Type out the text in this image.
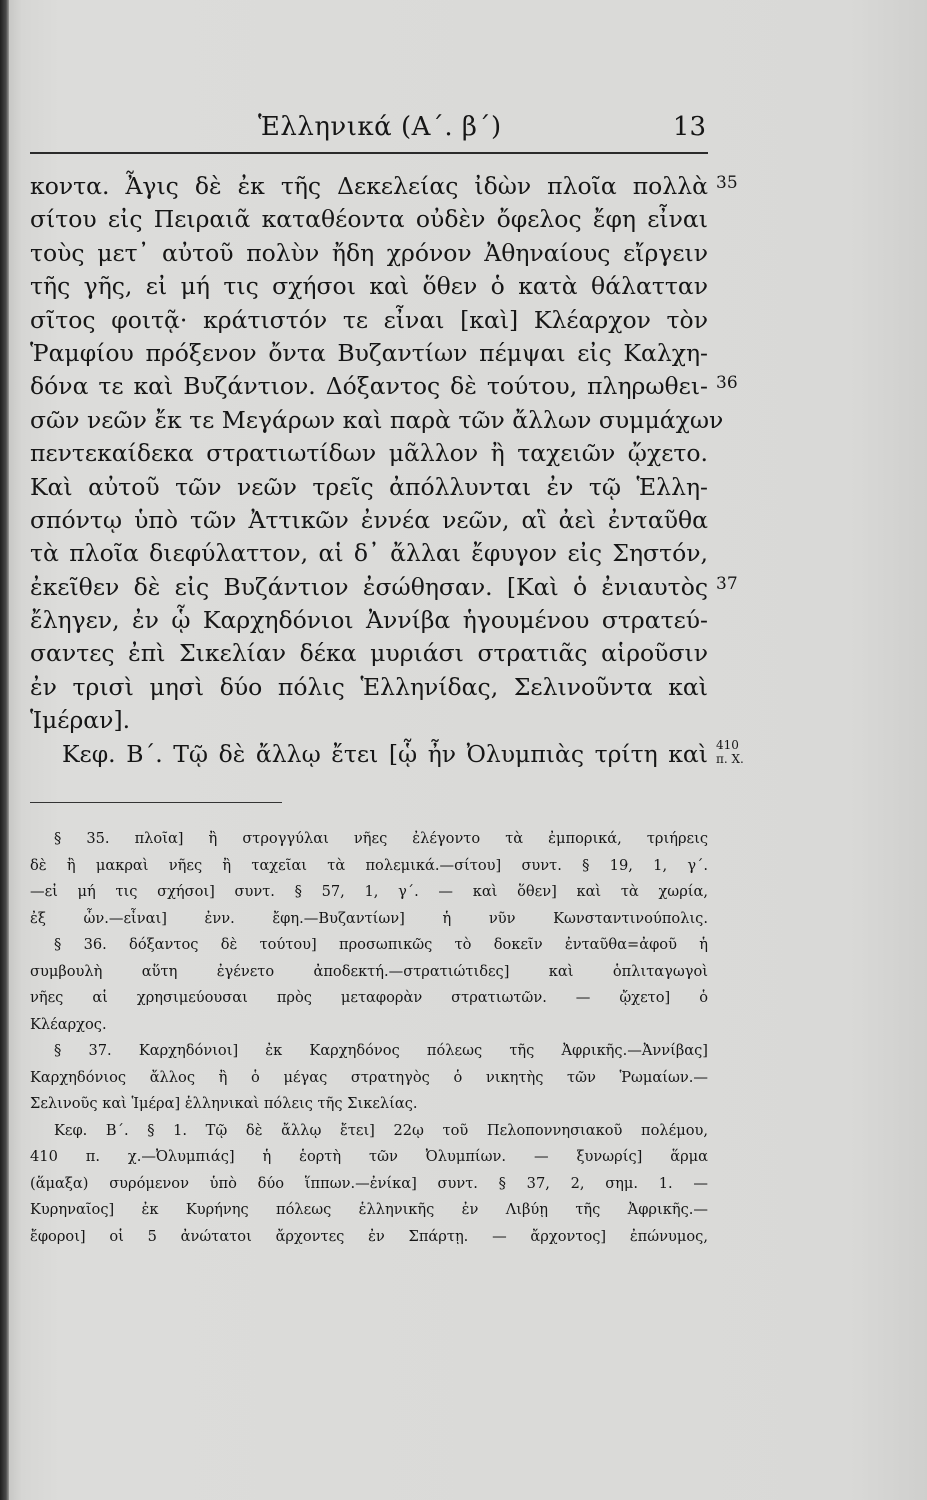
Ἑλληνικά (Α΄. β΄)	13
κοντα. Ἆγις δὲ ἐκ τῆς Δεκελείας ἰδὼν πλοῖα πολλὰ 35
σίτου εἰς Πειραιᾶ καταθέοντα οὐδὲν ὄφελος ἔφη εἶναι
τοὺς μετ᾽ αὐτοῦ πολὺν ἤδη χρόνον Ἀθηναίους εἴργειν
τῆς γῆς, εἰ μή τις σχήσοι καὶ ὅθεν ὁ κατὰ θάλατταν
σῖτος φοιτᾷ· κράτιστόν τε εἶναι [καὶ] Κλέαρχον τὸν
Ῥαμφίου πρόξενον ὄντα Βυζαντίων πέμψαι εἰς Καλχη-
δόνα τε καὶ Βυζάντιον. Δόξαντος δὲ τούτου, πληρωθει- 36
σῶν νεῶν ἔκ τε Μεγάρων καὶ παρὰ τῶν ἄλλων συμμάχων
πεντεκαίδεκα στρατιωτίδων μᾶλλον ἢ ταχειῶν ᾤχετο.
Καὶ αὐτοῦ τῶν νεῶν τρεῖς ἀπόλλυνται ἐν τῷ Ἑλλη-
σπόντῳ ὑπὸ τῶν Ἀττικῶν ἐννέα νεῶν, αἳ ἀεὶ ἐνταῦθα
τὰ πλοῖα διεφύλαττον, αἱ δ᾽ ἄλλαι ἔφυγον εἰς Σηστόν,
ἐκεῖθεν δὲ εἰς Βυζάντιον ἐσώθησαν. [Καὶ ὁ ἐνιαυτὸς 37
ἔληγεν, ἐν ᾧ Καρχηδόνιοι Ἀννίβα ἡγουμένου στρατεύ-
σαντες ἐπὶ Σικελίαν δέκα μυριάσι στρατιᾶς αἱροῦσιν
ἐν τρισὶ μησὶ δύο πόλις Ἑλληνίδας, Σελινοῦντα καὶ
Ἱμέραν].
Κεφ. Β΄. Τῷ δὲ ἄλλῳ ἔτει [ᾧ ἦν Ὀλυμπιὰς τρίτη καὶ 410 π. Χ.
§ 35. πλοῖα] ἢ στρογγύλαι νῆες ἐλέγοντο τὰ ἐμπορικά, τριήρεις
δὲ ἢ μακραὶ νῆες ἢ ταχεῖαι τὰ πολεμικά.—σίτου] συντ. § 19, 1, γ΄.
—εἰ μή τις σχήσοι] συντ. § 57, 1, γ΄. — καὶ ὅθεν] καὶ τὰ χωρία,
ἐξ ὧν.—εἶναι] ἐνν. ἔφη.—Βυζαντίων] ἡ νῦν Κωνσταντινούπολις.
§ 36. δόξαντος δὲ τούτου] προσωπικῶς τὸ δοκεῖν ἐνταῦθα=ἀφοῦ ἡ
συμβουλὴ αὕτη ἐγένετο ἀποδεκτή.—στρατιώτιδες] καὶ ὁπλιταγωγοὶ
νῆες αἱ χρησιμεύουσαι πρὸς μεταφορὰν στρατιωτῶν. — ᾤχετο] ὁ
Κλέαρχος.
§ 37. Καρχηδόνιοι] ἐκ Καρχηδόνος πόλεως τῆς Ἀφρικῆς.—Ἀννίβας]
Καρχηδόνιος ἄλλος ἢ ὁ μέγας στρατηγὸς ὁ νικητὴς τῶν Ῥωμαίων.—
Σελινοῦς καὶ Ἱμέρα] ἑλληνικαὶ πόλεις τῆς Σικελίας.
Κεφ. Β΄. § 1. Τῷ δὲ ἄλλῳ ἔτει] 22ῳ τοῦ Πελοποννησιακοῦ πολέμου,
410 π. χ.—Ὀλυμπιάς] ἡ ἑορτὴ τῶν Ὀλυμπίων. — ξυνωρίς] ἅρμα
(ἅμαξα) συρόμενον ὑπὸ δύο ἵππων.—ἐνίκα] συντ. § 37, 2, σημ. 1. —
Κυρηναῖος] ἐκ Κυρήνης πόλεως ἑλληνικῆς ἐν Λιβύῃ τῆς Ἀφρικῆς.—
ἔφοροι] οἱ 5 ἀνώτατοι ἄρχοντες ἐν Σπάρτῃ. — ἄρχοντος] ἐπώνυμος,
